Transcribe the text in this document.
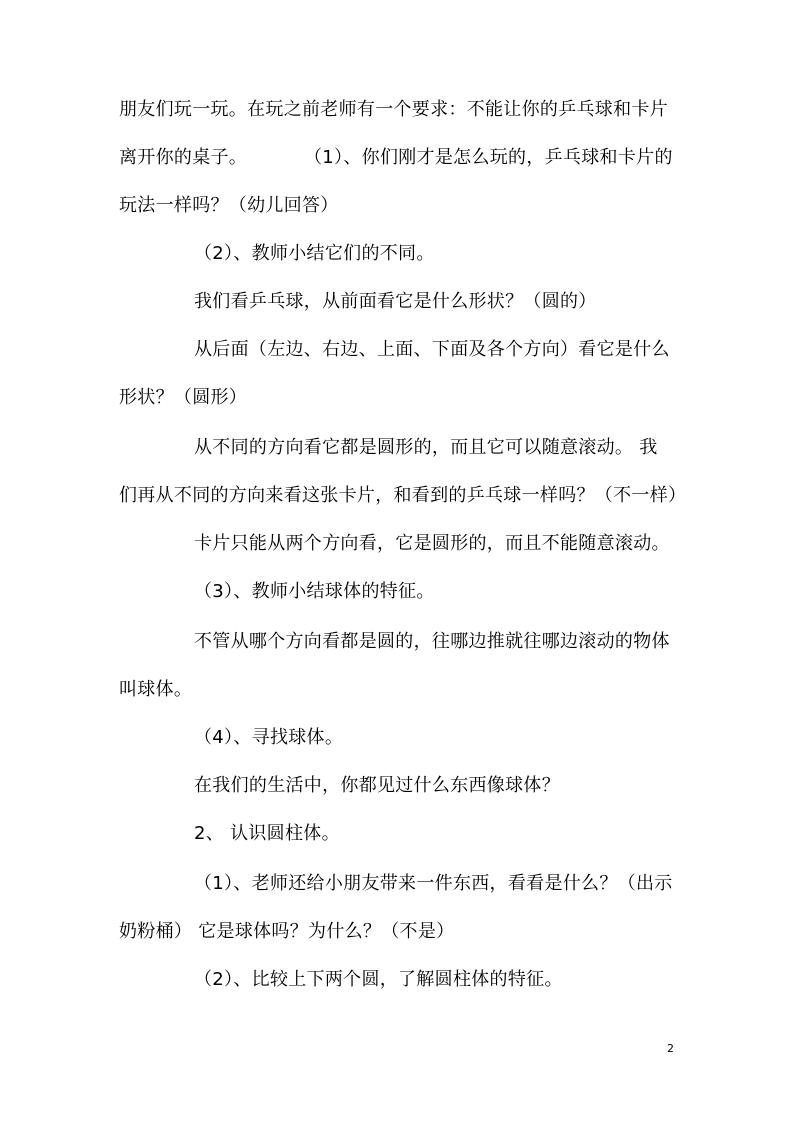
朋友们玩一玩。在玩之前老师有一个要求：不能让你的乒乓球和卡片
离开你的桌子。	（1）、你们刚才是怎么玩的，乒乓球和卡片的
玩法一样吗？（幼儿回答）
（2）、教师小结它们的不同。
我们看乒乓球，从前面看它是什么形状？（圆的）
从后面（左边、右边、上面、下面及各个方向）看它是什么
形状？（圆形）
从不同的方向看它都是圆形的，而且它可以随意滚动。 我
们再从不同的方向来看这张卡片，和看到的乒乓球一样吗？（不一样）
卡片只能从两个方向看，它是圆形的，而且不能随意滚动。
（3）、教师小结球体的特征。
不管从哪个方向看都是圆的，往哪边推就往哪边滚动的物体
叫球体。
（4）、寻找球体。
在我们的生活中，你都见过什么东西像球体？
2、 认识圆柱体。
（1）、老师还给小朋友带来一件东西，看看是什么？（出示
奶粉桶） 它是球体吗？为什么？（不是）
（2）、比较上下两个圆，了解圆柱体的特征。
2
